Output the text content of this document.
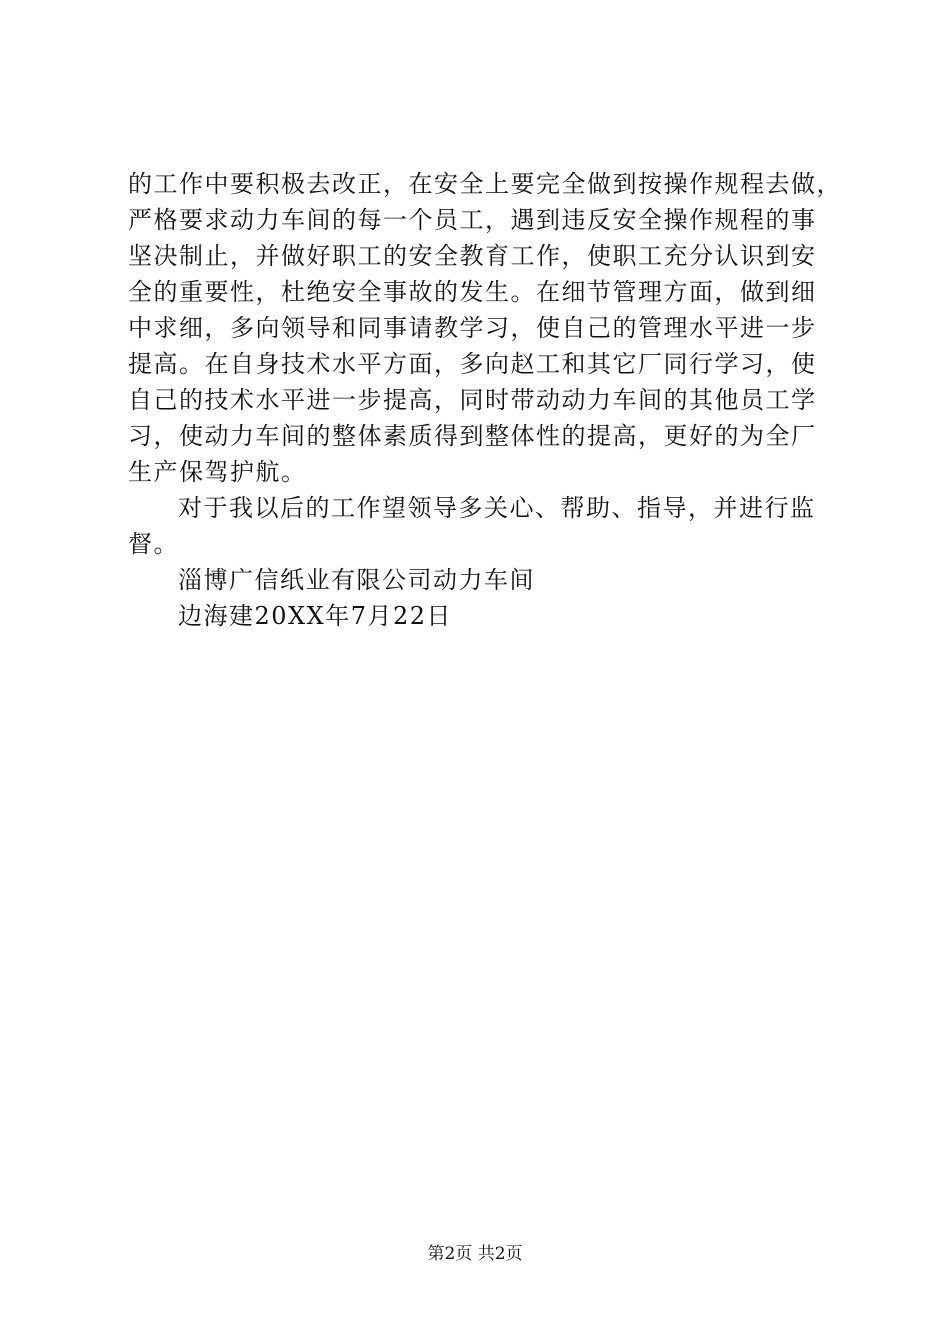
的工作中要积极去改正，在安全上要完全做到按操作规程去做，
严格要求动力车间的每一个员工，遇到违反安全操作规程的事
坚决制止，并做好职工的安全教育工作，使职工充分认识到安
全的重要性，杜绝安全事故的发生。在细节管理方面，做到细
中求细，多向领导和同事请教学习，使自己的管理水平进一步
提高。在自身技术水平方面，多向赵工和其它厂同行学习，使
自己的技术水平进一步提高，同时带动动力车间的其他员工学
习，使动力车间的整体素质得到整体性的提高，更好的为全厂
生产保驾护航。
对于我以后的工作望领导多关心、帮助、指导，并进行监
督。
淄博广信纸业有限公司动力车间
边海建20XX年7月22日
第2页 共2页
